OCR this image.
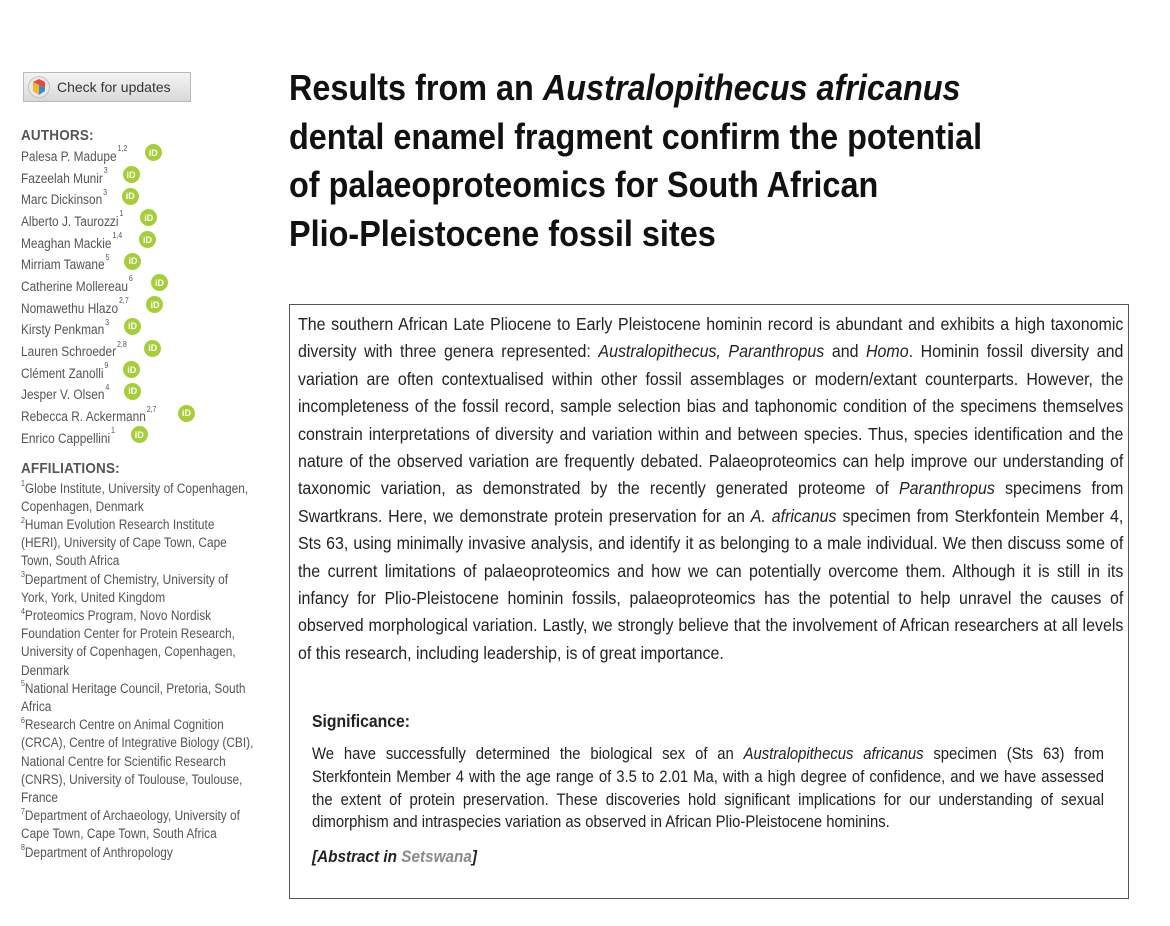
Check for updates
AUTHORS:
Palesa P. Madupe$^{1,2}$	iD
Fazeelah Munir$^3$	iD
Marc Dickinson$^3$	iD
Alberto J. Taurozzi$^1$	iD
Meaghan Mackie$^{1,4}$	iD
Mirriam Tawane$^5$	iD
Catherine Mollereau$^6$	iD
Nomawethu Hlazo$^{2,7}$	iD
Kirsty Penkman$^3$	iD
Lauren Schroeder$^{2,8}$	iD
Clément Zanolli$^9$	iD
Jesper V. Olsen$^4$	iD
Rebecca R. Ackermann$^{2,7}$	iD
Enrico Cappellini$^1$	iD
AFFILIATIONS:
$^1$Globe Institute, University of Copenhagen, Copenhagen, Denmark
$^2$Human Evolution Research Institute (HERI), University of Cape Town, Cape Town, South Africa
$^3$Department of Chemistry, University of York, York, United Kingdom
$^4$Proteomics Program, Novo Nordisk Foundation Center for Protein Research, University of Copenhagen, Copenhagen, Denmark
$^5$National Heritage Council, Pretoria, South Africa
$^6$Research Centre on Animal Cognition (CRCA), Centre of Integrative Biology (CBI), National Centre for Scientific Research (CNRS), University of Toulouse, Toulouse, France
$^7$Department of Archaeology, University of Cape Town, Cape Town, South Africa
$^8$Department of Anthropology
Results from an Australopithecus africanus
dental enamel fragment confirm the potential
of palaeoproteomics for South African
Plio-Pleistocene fossil sites
The southern African Late Pliocene to Early Pleistocene hominin record is abundant and exhibits a high taxonomic diversity with three genera represented: Australopithecus, Paranthropus and Homo. Hominin fossil diversity and variation are often contextualised within other fossil assemblages or modern/extant counterparts. However, the incompleteness of the fossil record, sample selection bias and taphonomic condition of the specimens themselves constrain interpretations of diversity and variation within and between species. Thus, species identification and the nature of the observed variation are frequently debated. Palaeoproteomics can help improve our understanding of taxonomic variation, as demonstrated by the recently generated proteome of Paranthropus specimens from Swartkrans. Here, we demonstrate protein preservation for an A. africanus specimen from Sterkfontein Member 4, Sts 63, using minimally invasive analysis, and identify it as belonging to a male individual. We then discuss some of the current limitations of palaeoproteomics and how we can potentially overcome them. Although it is still in its infancy for Plio-Pleistocene hominin fossils, palaeoproteomics has the potential to help unravel the causes of observed morphological variation. Lastly, we strongly believe that the involvement of African researchers at all levels of this research, including leadership, is of great importance.
Significance:
We have successfully determined the biological sex of an Australopithecus africanus specimen (Sts 63) from Sterkfontein Member 4 with the age range of 3.5 to 2.01 Ma, with a high degree of confidence, and we have assessed the extent of protein preservation. These discoveries hold significant implications for our understanding of sexual dimorphism and intraspecies variation as observed in African Plio-Pleistocene hominins.
[Abstract in Setswana]
